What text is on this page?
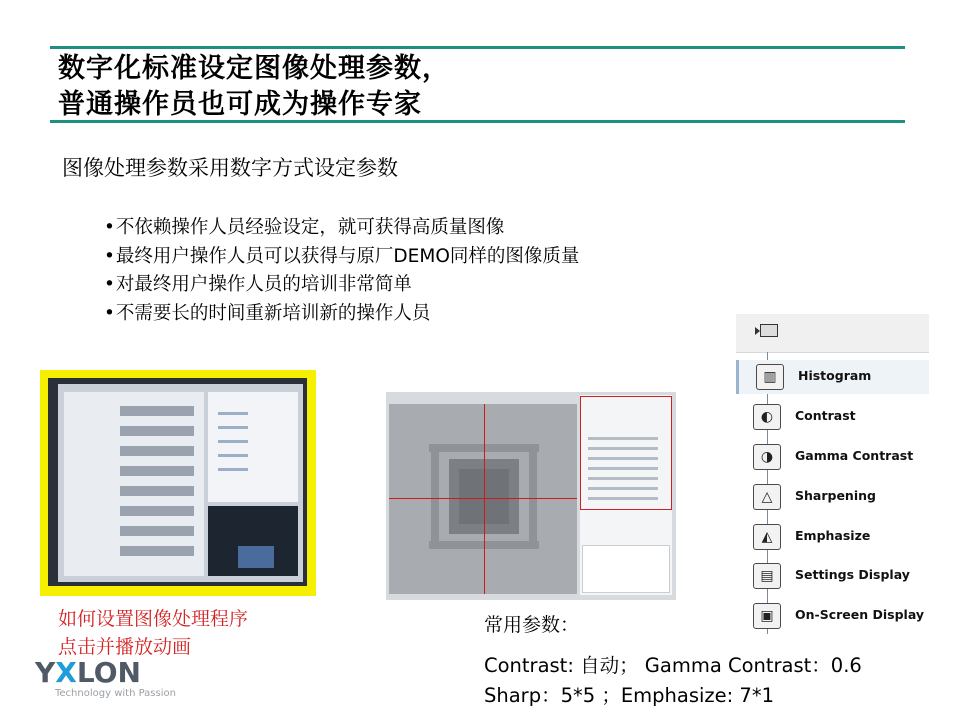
数字化标准设定图像处理参数，
普通操作员也可成为操作专家
图像处理参数采用数字方式设定参数
• 不依赖操作人员经验设定，就可获得高质量图像
• 最终用户操作人员可以获得与原厂DEMO同样的图像质量
• 对最终用户操作人员的培训非常简单
• 不需要长的时间重新培训新的操作人员
▥	Histogram
◐	Contrast
◑	Gamma Contrast
△	Sharpening
◭	Emphasize
▤	Settings Display
▣	On-Screen Display
如何设置图像处理程序
点击并播放动画
常用参数：
Contrast: 自动； Gamma Contrast：0.6
Sharp：5*5 ；Emphasize: 7*1
YXLON
Technology with Passion
